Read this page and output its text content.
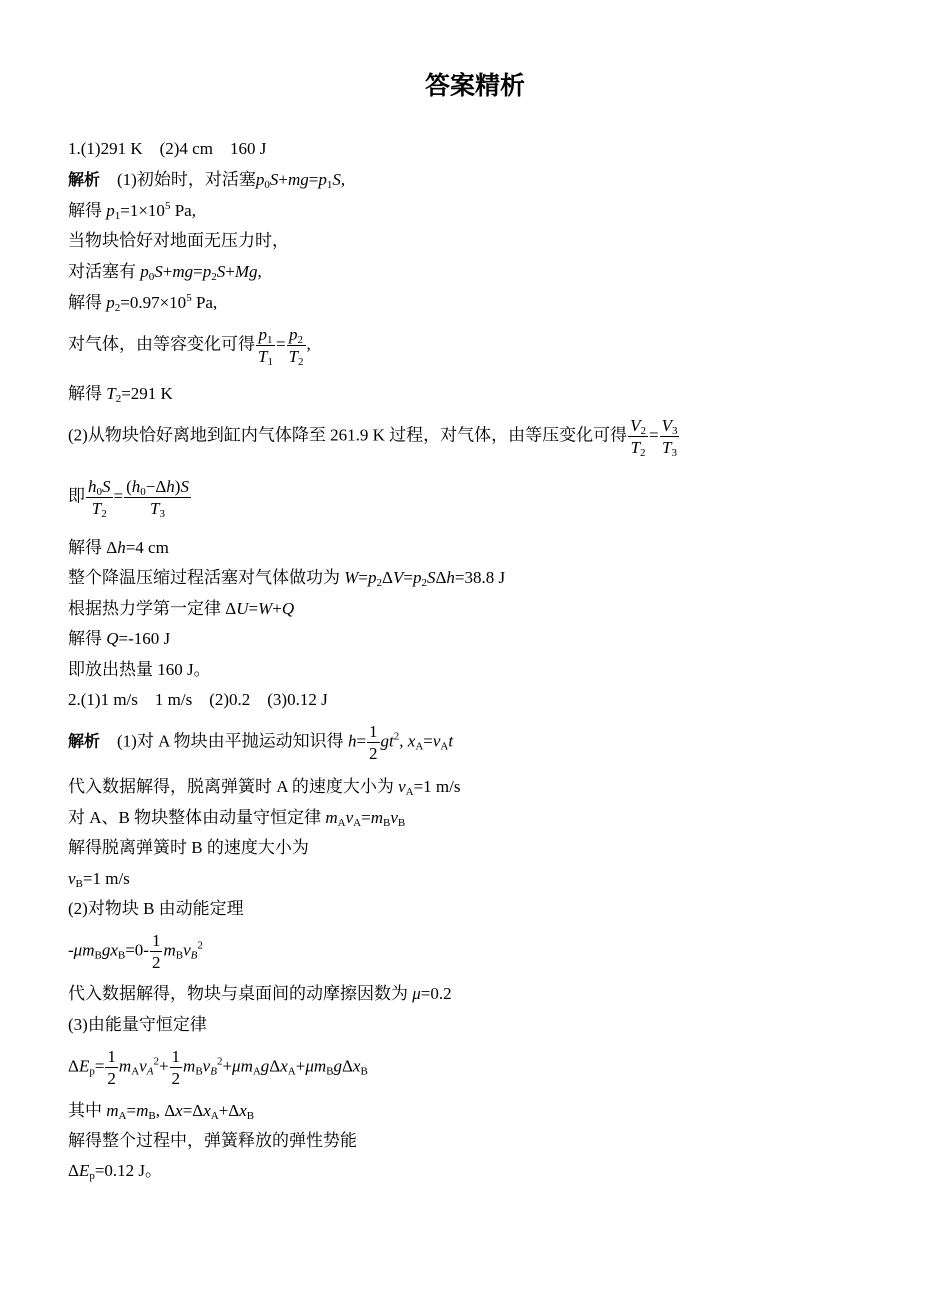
答案精析
1.(1)291 K　(2)4 cm　160 J
解析　 (1)初始时，对活塞$p_0S+mg=p_1S$,
解得 $p_1=1\times 10^5$ Pa,
当物块恰好对地面无压力时，
对活塞有 $p_0S+mg=p_2S+Mg$,
解得 $p_2=0.97\times 10^5$ Pa,
对气体，由等容变化可得 $\frac{p_1}{T_1} = \frac{p_2}{T_2}$ ,
解得 $T_2=291$ K
(2)从物块恰好离地到缸内气体降至 261.9 K 过程，对气体，由等压变化可得 $\frac{V_2}{T_2} = \frac{V_3}{T_3}$
即 $\frac{h_0S}{T_2} = \frac{(h_0-\Delta h)S}{T_3}$
解得 Δh=4 cm
整个降温压缩过程活塞对气体做功为 $W=p_2\Delta V=p_2S\Delta h=38.8$ J
根据热力学第一定律 ΔU=W+Q
解得 Q=-160 J
即放出热量 160 J。
2.(1)1 m/s　1 m/s　(2)0.2　(3)0.12 J
解析　 (1)对 A 物块由平抛运动知识得 $h= \frac{1}{2} gt^2$, $x_A=v_At$
代入数据解得，脱离弹簧时 A 的速度大小为 $v_A=1$ m/s
对 A、B 物块整体由动量守恒定律 $m_Av_A=m_Bv_B$
解得脱离弹簧时 B 的速度大小为
$v_B=1$ m/s
(2)对物块 B 由动能定理
$-\mu m_Bgx_B=0- \frac{1}{2} m_Bv_B^2$
代入数据解得，物块与桌面间的动摩擦因数为 μ=0.2
(3)由能量守恒定律
$\Delta E_p= \frac{1}{2} m_Av_A^2+ \frac{1}{2} m_Bv_B^2+\mu m_Ag\Delta x_A+\mu m_Bg\Delta x_B$
其中 $m_A=m_B$, $\Delta x=\Delta x_A+\Delta x_B$
解得整个过程中，弹簧释放的弹性势能
$\Delta E_p=0.12$ J。
